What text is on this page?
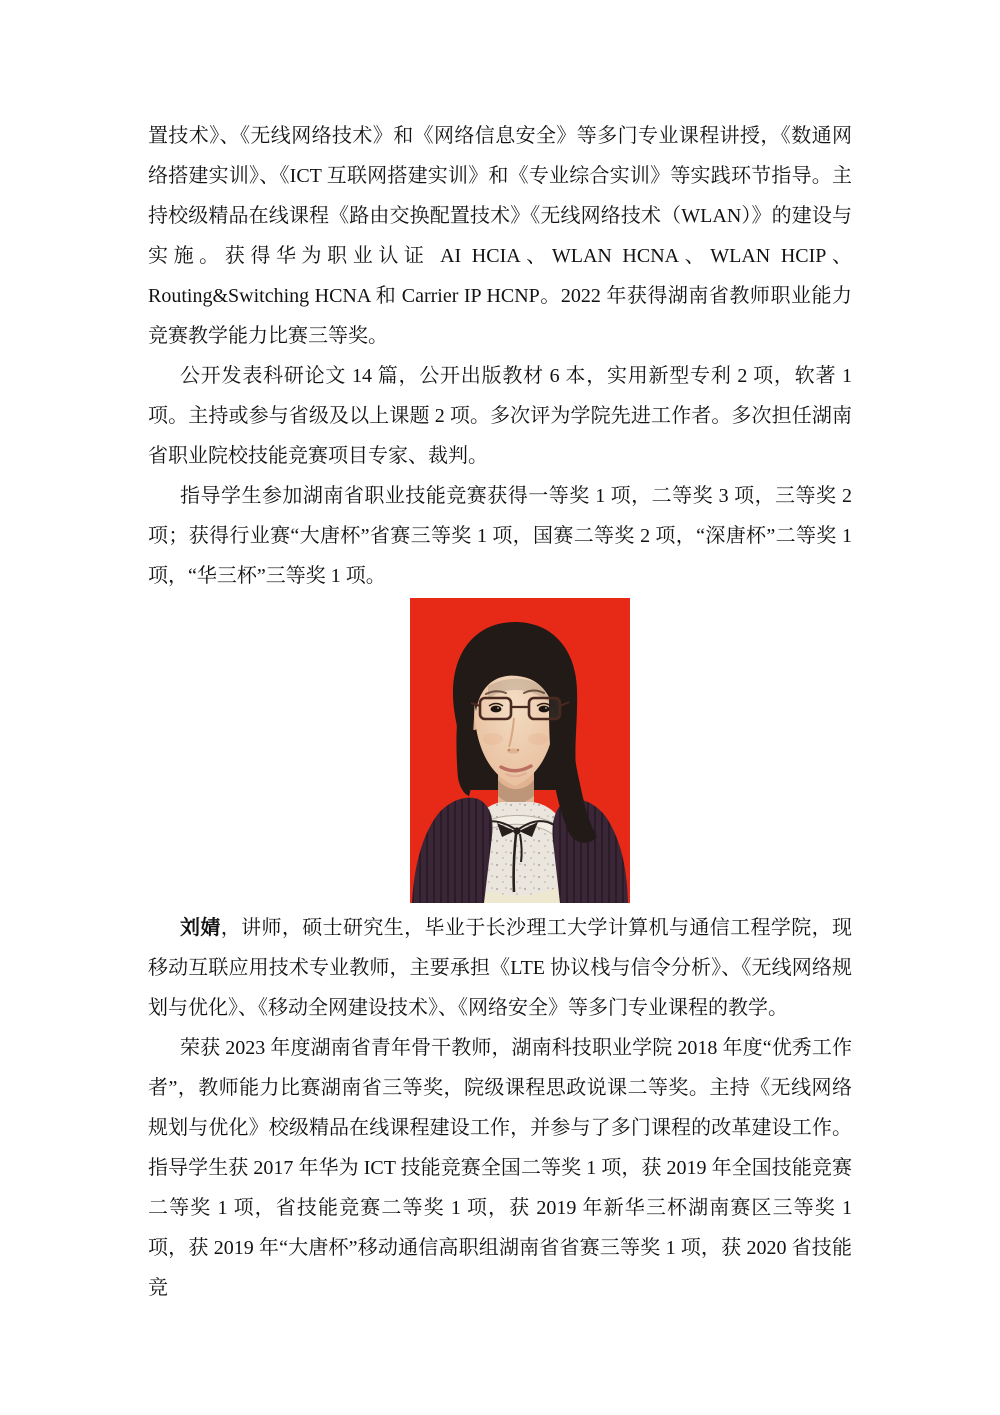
置技术》、《无线网络技术》和《网络信息安全》等多门专业课程讲授，《数通网络搭建实训》、《ICT 互联网搭建实训》和《专业综合实训》等实践环节指导。主持校级精品在线课程《路由交换配置技术》《无线网络技术（WLAN）》的建设与实施。获得华为职业认证 AI HCIA、WLAN HCNA、WLAN HCIP、Routing&Switching HCNA 和 Carrier IP HCNP。2022 年获得湖南省教师职业能力竞赛教学能力比赛三等奖。

公开发表科研论文 14 篇，公开出版教材 6 本，实用新型专利 2 项，软著 1 项。主持或参与省级及以上课题 2 项。多次评为学院先进工作者。多次担任湖南省职业院校技能竞赛项目专家、裁判。

指导学生参加湖南省职业技能竞赛获得一等奖 1 项，二等奖 3 项，三等奖 2 项；获得行业赛“大唐杯”省赛三等奖 1 项，国赛二等奖 2 项，“深唐杯”二等奖 1 项，“华三杯”三等奖 1 项。

刘婧，讲师，硕士研究生，毕业于长沙理工大学计算机与通信工程学院，现移动互联应用技术专业教师，主要承担《LTE 协议栈与信令分析》、《无线网络规划与优化》、《移动全网建设技术》、《网络安全》等多门专业课程的教学。

荣获 2023 年度湖南省青年骨干教师，湖南科技职业学院 2018 年度“优秀工作者”，教师能力比赛湖南省三等奖，院级课程思政说课二等奖。主持《无线网络规划与优化》校级精品在线课程建设工作，并参与了多门课程的改革建设工作。指导学生获 2017 年华为 ICT 技能竞赛全国二等奖 1 项，获 2019 年全国技能竞赛二等奖 1 项，省技能竞赛二等奖 1 项，获 2019 年新华三杯湖南赛区三等奖 1 项，获 2019 年“大唐杯”移动通信高职组湖南省省赛三等奖 1 项，获 2020 省技能竞
